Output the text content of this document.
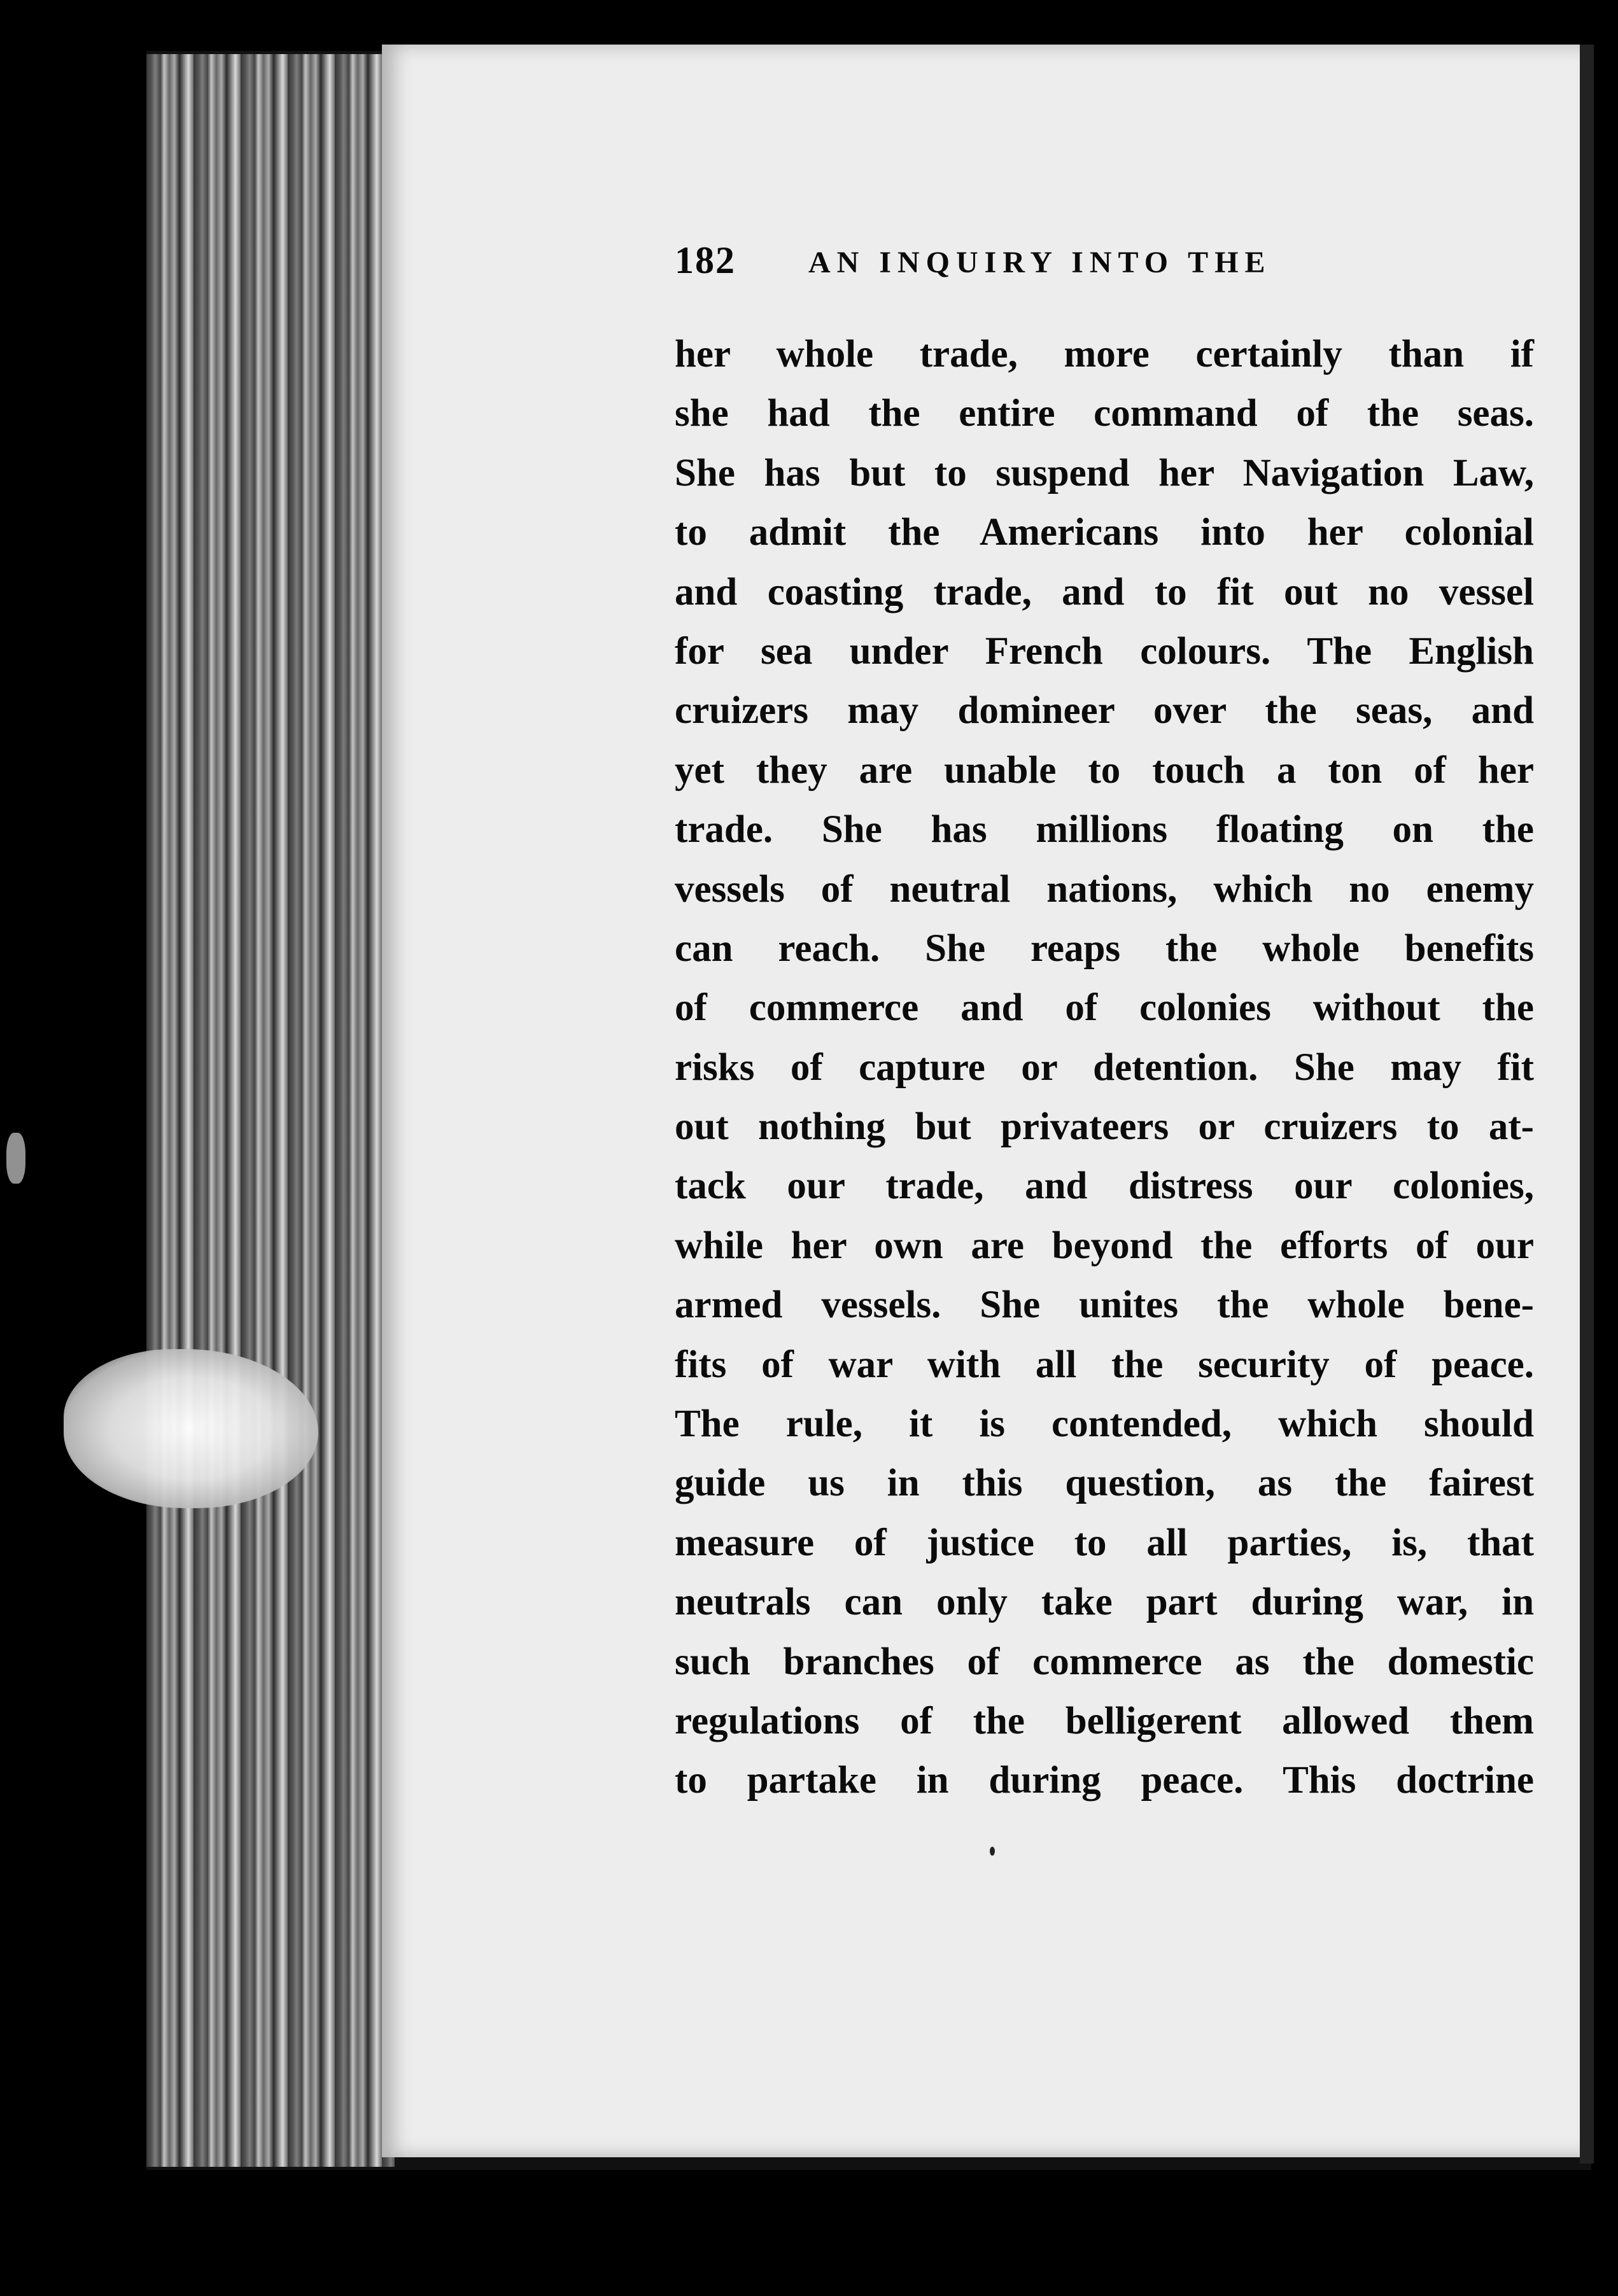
182 AN INQUIRY INTO THE
her whole trade, more certainly than if
she had the entire command of the seas.
She has but to suspend her Navigation Law,
to admit the Americans into her colonial
and coasting trade, and to fit out no vessel
for sea under French colours. The English
cruizers may domineer over the seas, and
yet they are unable to touch a ton of her
trade. She has millions floating on the
vessels of neutral nations, which no enemy
can reach. She reaps the whole benefits
of commerce and of colonies without the
risks of capture or detention. She may fit
out nothing but privateers or cruizers to at-
tack our trade, and distress our colonies,
while her own are beyond the efforts of our
armed vessels. She unites the whole bene-
fits of war with all the security of peace.
The rule, it is contended, which should
guide us in this question, as the fairest
measure of justice to all parties, is, that
neutrals can only take part during war, in
such branches of commerce as the domestic
regulations of the belligerent allowed them
to partake in during peace. This doctrine
